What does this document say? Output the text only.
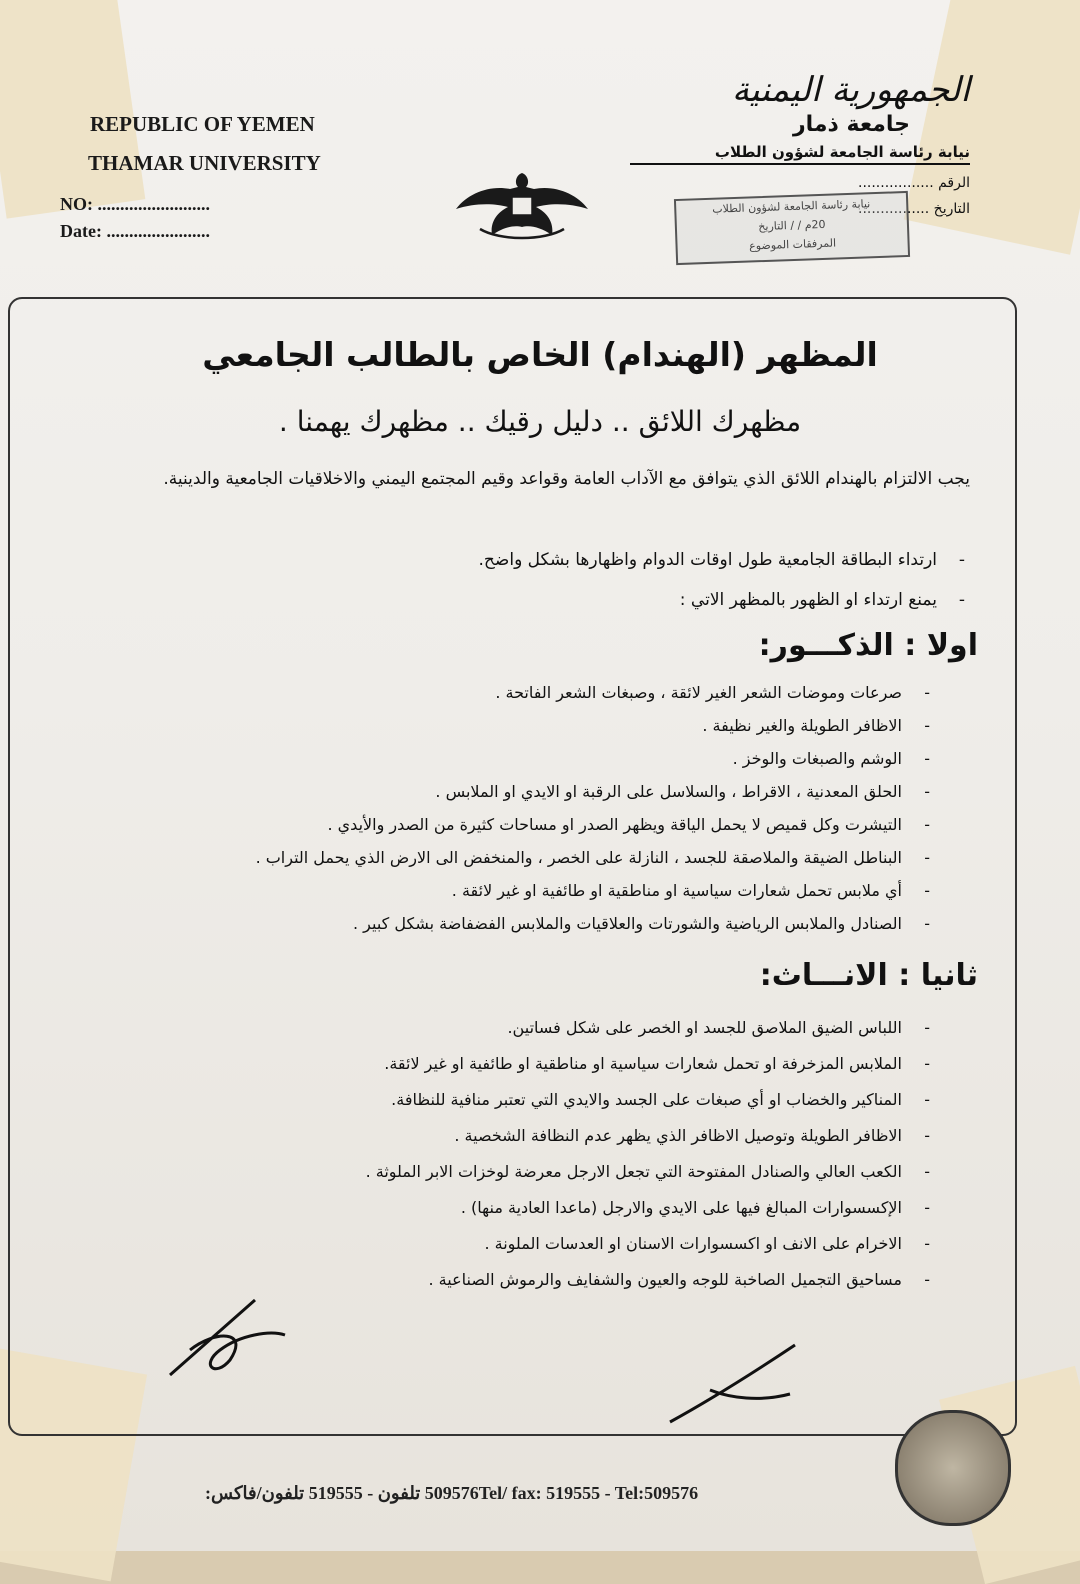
REPUBLIC OF YEMEN
THAMAR UNIVERSITY
NO: .........................
Date: .......................
الجمهورية اليمنية
جامعة ذمار
نيابة رئاسة الجامعة لشؤون الطلاب
الرقم .................
التاريخ ................
نيابة رئاسة الجامعة لشؤون الطلاب
20م / / التاريخ
المرفقات الموضوع
المظهر (الهندام) الخاص بالطالب الجامعي
مظهرك اللائق .. دليل رقيك .. مظهرك يهمنا .
يجب الالتزام بالهندام اللائق الذي يتوافق مع الآداب العامة وقواعد وقيم المجتمع اليمني والاخلاقيات الجامعية والدينية.
- ارتداء البطاقة الجامعية طول اوقات الدوام واظهارها بشكل واضح.
- يمنع ارتداء او الظهور بالمظهر الاتي :
اولا : الذكـــور:
- صرعات وموضات الشعر الغير لائقة ، وصبغات الشعر الفاتحة .
- الاظافر الطويلة والغير نظيفة .
- الوشم والصبغات والوخز .
- الحلق المعدنية ، الاقراط ، والسلاسل على الرقبة او الايدي او الملابس .
- التيشرت وكل قميص لا يحمل الياقة ويظهر الصدر او مساحات كثيرة من الصدر والأيدي .
- البناطل الضيقة والملاصقة للجسد ، النازلة على الخصر ، والمنخفض الى الارض الذي يحمل التراب .
- أي ملابس تحمل شعارات سياسية او مناطقية او طائفية او غير لائقة .
- الصنادل والملابس الرياضية والشورتات والعلاقيات والملابس الفضفاضة بشكل كبير .
ثانيا : الانـــاث:
- اللباس الضيق الملاصق للجسد او الخصر على شكل فساتين.
- الملابس المزخرفة او تحمل شعارات سياسية او مناطقية او طائفية او غير لائقة.
- المناكير والخضاب او أي صبغات على الجسد والايدي التي تعتبر منافية للنظافة.
- الاظافر الطويلة وتوصيل الاظافر الذي يظهر عدم النظافة الشخصية .
- الكعب العالي والصنادل المفتوحة التي تجعل الارجل معرضة لوخزات الابر الملوثة .
- الإكسسوارات المبالغ فيها على الايدي والارجل (ماعدا العادية منها) .
- الاخرام على الانف او اكسسوارات الاسنان او العدسات الملونة .
- مساحيق التجميل الصاخبة للوجه والعيون والشفايف والرموش الصناعية .
509576Tel/ fax: 519555 - Tel:509576 تلفون - 519555 تلفون/فاكس:
